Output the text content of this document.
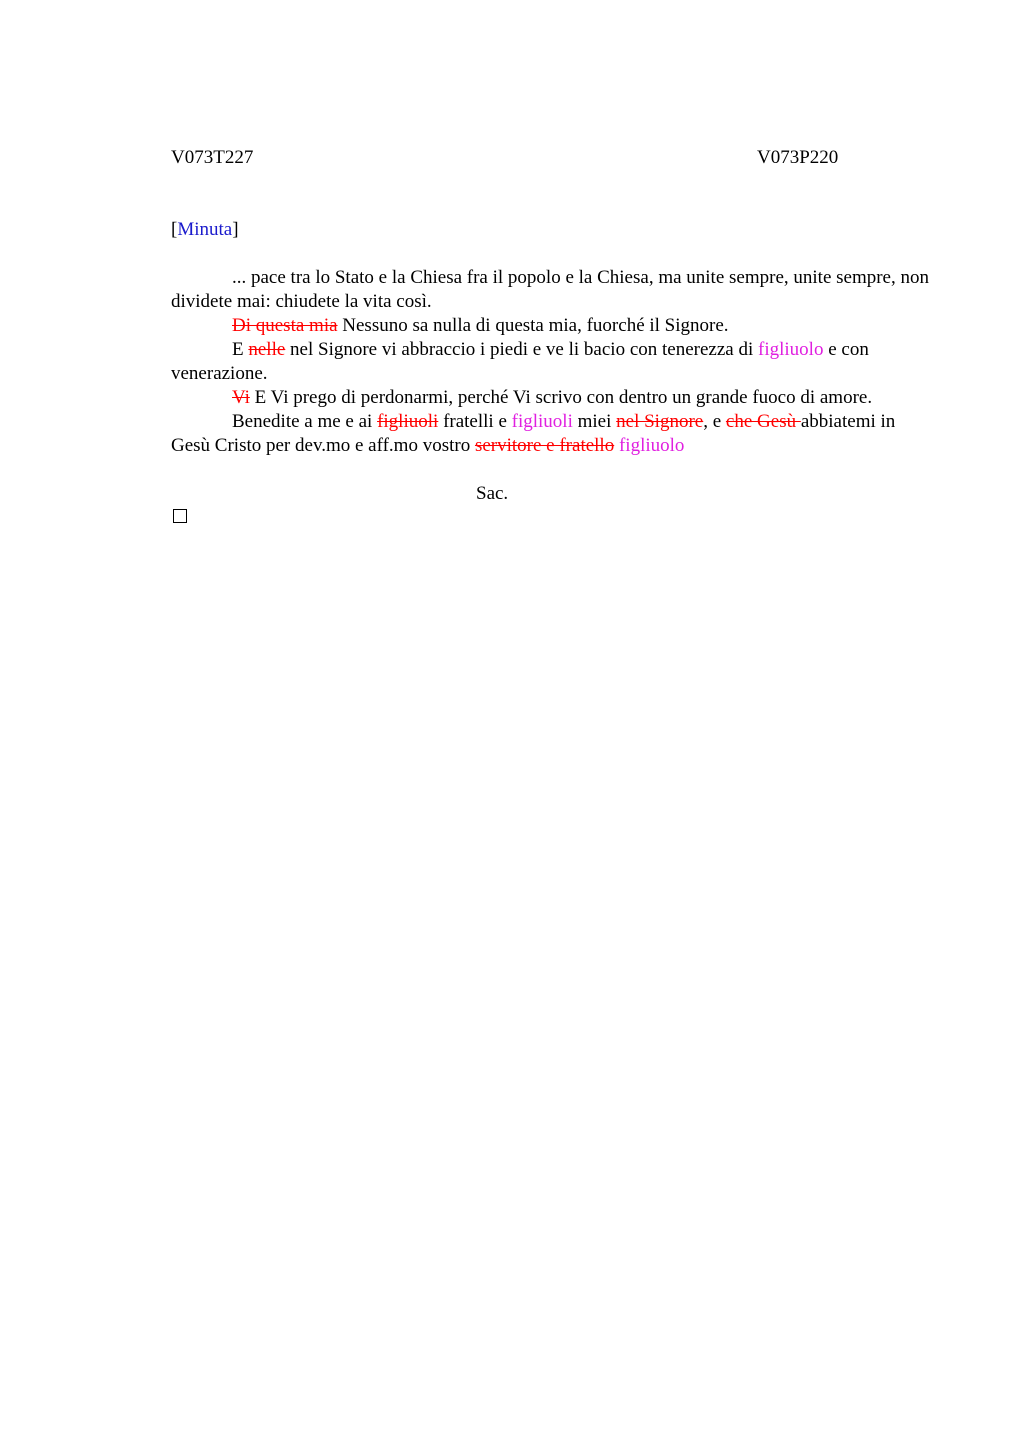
V073T227	V073P220
[Minuta]

... pace tra lo Stato e la Chiesa fra il popolo e la Chiesa, ma unite sempre, unite sempre, non dividete mai: chiudete la vita così.

Di questa mia Nessuno sa nulla di questa mia, fuorché il Signore.

E nelle nel Signore vi abbraccio i piedi e ve li bacio con tenerezza di figliuolo e con venerazione.

Vi E Vi prego di perdonarmi, perché Vi scrivo con dentro un grande fuoco di amore.

Benedite a me e ai figliuoli fratelli e figliuoli miei nel Signore, e che Gesù abbiatemi in Gesù Cristo per dev.mo e aff.mo vostro servitore e fratello figliuolo

Sac.
